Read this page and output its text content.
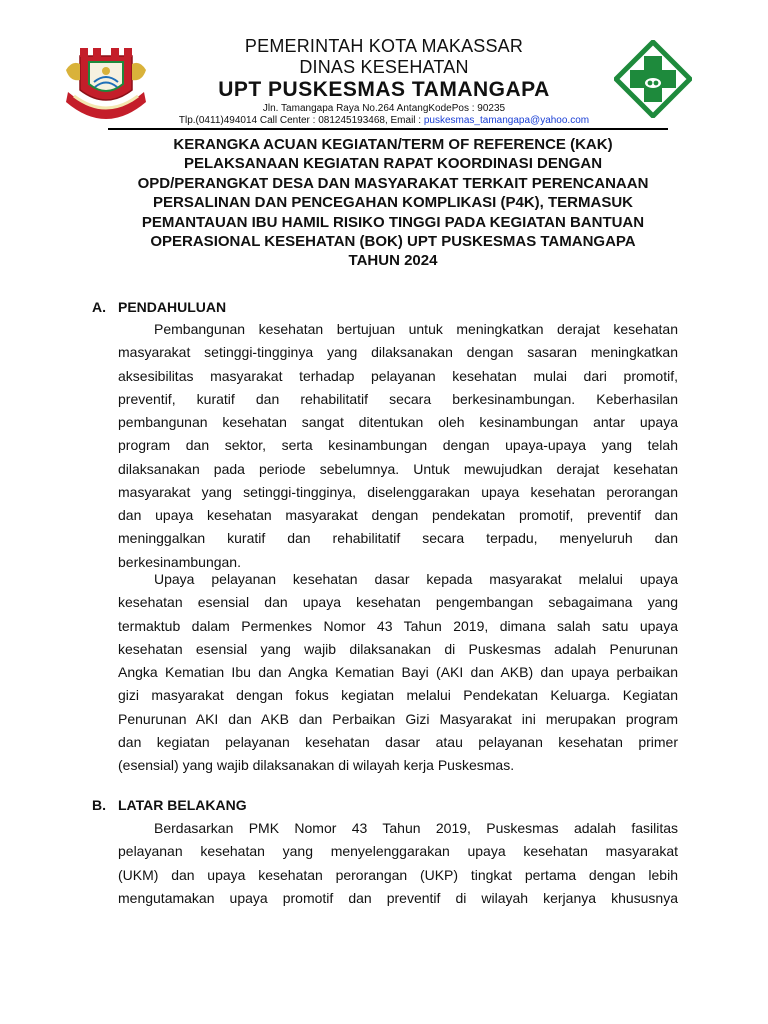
PEMERINTAH KOTA MAKASSAR
DINAS KESEHATAN
UPT PUSKESMAS TAMANGAPA
Jln. Tamangapa Raya No.264 AntangKodePos : 90235
Tlp.(0411)494014 Call Center : 081245193468, Email : puskesmas_tamangapa@yahoo.com
KERANGKA ACUAN KEGIATAN/TERM OF REFERENCE (KAK)
PELAKSANAAN KEGIATAN RAPAT KOORDINASI DENGAN
OPD/PERANGKAT DESA DAN MASYARAKAT TERKAIT PERENCANAAN
PERSALINAN DAN PENCEGAHAN KOMPLIKASI (P4K), TERMASUK
PEMANTAUAN IBU HAMIL RISIKO TINGGI PADA KEGIATAN BANTUAN
OPERASIONAL KESEHATAN (BOK) UPT PUSKESMAS TAMANGAPA
TAHUN 2024
A. PENDAHULUAN
Pembangunan kesehatan bertujuan untuk meningkatkan derajat kesehatan
masyarakat setinggi-tingginya yang dilaksanakan dengan sasaran meningkatkan
aksesibilitas masyarakat terhadap pelayanan kesehatan mulai dari promotif,
preventif, kuratif dan rehabilitatif secara berkesinambungan. Keberhasilan
pembangunan kesehatan sangat ditentukan oleh kesinambungan antar upaya
program dan sektor, serta kesinambungan dengan upaya-upaya yang telah
dilaksanakan pada periode sebelumnya. Untuk mewujudkan derajat kesehatan
masyarakat yang setinggi-tingginya, diselenggarakan upaya kesehatan perorangan
dan upaya kesehatan masyarakat dengan pendekatan promotif, preventif dan
meninggalkan kuratif dan rehabilitatif secara terpadu, menyeluruh dan
berkesinambungan.
Upaya pelayanan kesehatan dasar kepada masyarakat melalui upaya
kesehatan esensial dan upaya kesehatan pengembangan sebagaimana yang
termaktub dalam Permenkes Nomor 43 Tahun 2019, dimana salah satu upaya
kesehatan esensial yang wajib dilaksanakan di Puskesmas adalah Penurunan
Angka Kematian Ibu dan Angka Kematian Bayi (AKI dan AKB) dan upaya perbaikan
gizi masyarakat dengan fokus kegiatan melalui Pendekatan Keluarga. Kegiatan
Penurunan AKI dan AKB dan Perbaikan Gizi Masyarakat ini merupakan program
dan kegiatan pelayanan kesehatan dasar atau pelayanan kesehatan primer
(esensial) yang wajib dilaksanakan di wilayah kerja Puskesmas.
B. LATAR BELAKANG
Berdasarkan PMK Nomor 43 Tahun 2019, Puskesmas adalah fasilitas
pelayanan kesehatan yang menyelenggarakan upaya kesehatan masyarakat
(UKM) dan upaya kesehatan perorangan (UKP) tingkat pertama dengan lebih
mengutamakan upaya promotif dan preventif di wilayah kerjanya khususnya
